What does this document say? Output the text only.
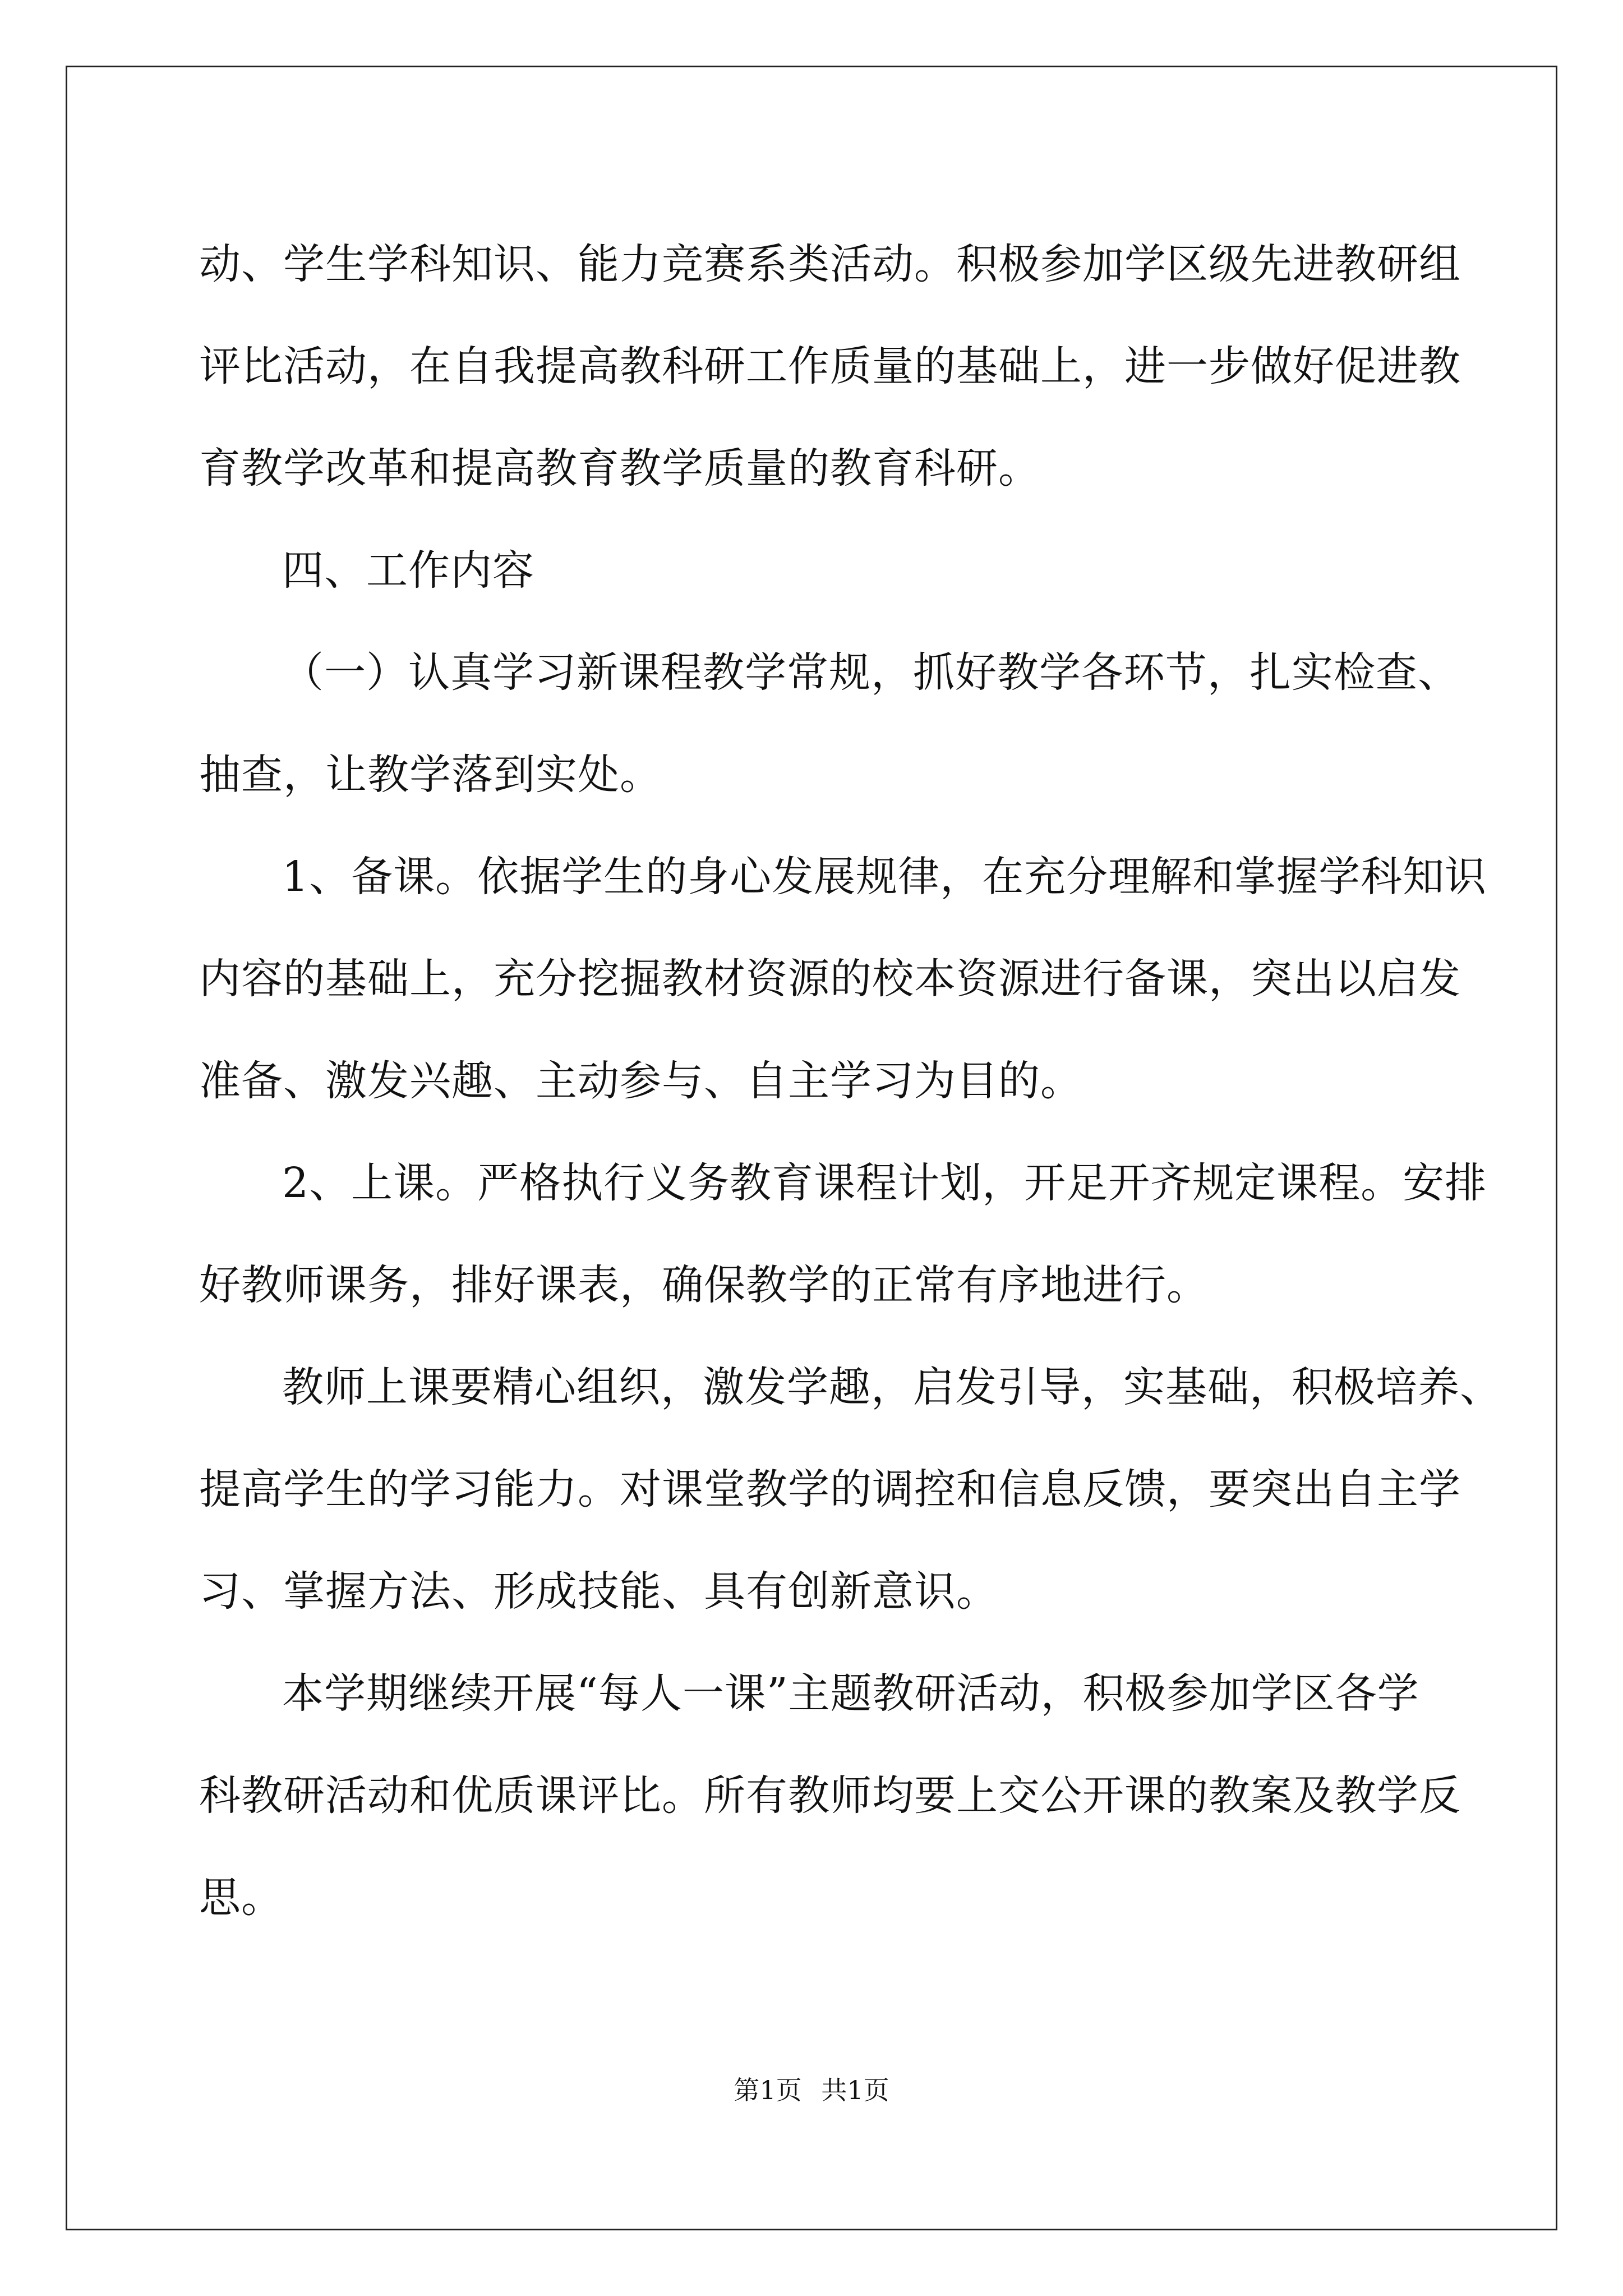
动、学生学科知识、能力竞赛系类活动。积极参加学区级先进教研组
评比活动，在自我提高教科研工作质量的基础上，进一步做好促进教
育教学改革和提高教育教学质量的教育科研。

四、工作内容

（一）认真学习新课程教学常规，抓好教学各环节，扎实检查、
抽查，让教学落到实处。

1、备课。依据学生的身心发展规律，在充分理解和掌握学科知识
内容的基础上，充分挖掘教材资源的校本资源进行备课，突出以启发
准备、激发兴趣、主动参与、自主学习为目的。

2、上课。严格执行义务教育课程计划，开足开齐规定课程。安排
好教师课务，排好课表，确保教学的正常有序地进行。

教师上课要精心组织，激发学趣，启发引导，实基础，积极培养、
提高学生的学习能力。对课堂教学的调控和信息反馈，要突出自主学
习、掌握方法、形成技能、具有创新意识。

本学期继续开展“每人一课”主题教研活动，积极参加学区各学
科教研活动和优质课评比。所有教师均要上交公开课的教案及教学反
思。

第1页 共1页
